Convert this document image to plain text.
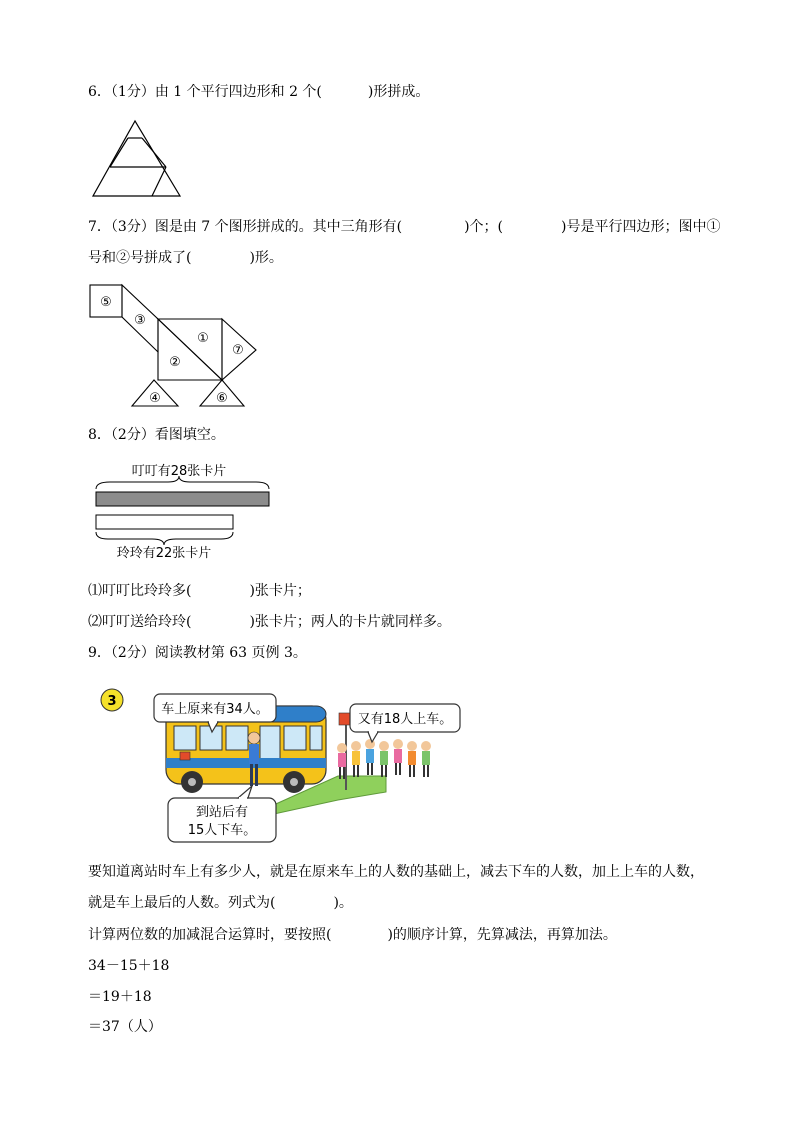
6．（1分）由 1 个平行四边形和 2 个(	)形拼成。
7．（3分）图是由 7 个图形拼成的。其中三角形有(	)个；(	)号是平行四边形；图中①
号和②号拼成了(	)形。
⑤
③
①
②
⑦
④	⑥
8．（2分）看图填空。
叮叮有28张卡片
玲玲有22张卡片
⑴叮叮比玲玲多(	)张卡片；
⑵叮叮送给玲玲(	)张卡片；两人的卡片就同样多。
9．（2分）阅读教材第 63 页例 3。
3
车上原来有34人。
又有18人上车。
到站后有
15人下车。
要知道离站时车上有多少人，就是在原来车上的人数的基础上，减去下车的人数，加上上车的人数，
就是车上最后的人数。列式为(	)。
计算两位数的加减混合运算时，要按照(	)的顺序计算，先算减法，再算加法。
34－15＋18
＝19＋18
＝37（人）
